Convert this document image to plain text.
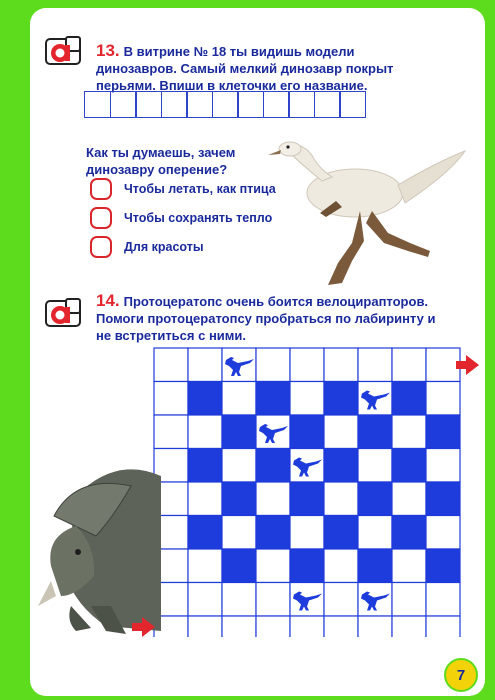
13. В витрине № 18 ты видишь модели динозавров. Самый мелкий динозавр покрыт перьями. Впиши в клеточки его название.
Как ты думаешь, зачем динозавру оперение?
Чтобы летать, как птица
Чтобы сохранять тепло
Для красоты
14. Протоцератопс очень боится велоцирапторов. Помоги протоцератопсу пробраться по лабиринту и не встретиться с ними.
7
